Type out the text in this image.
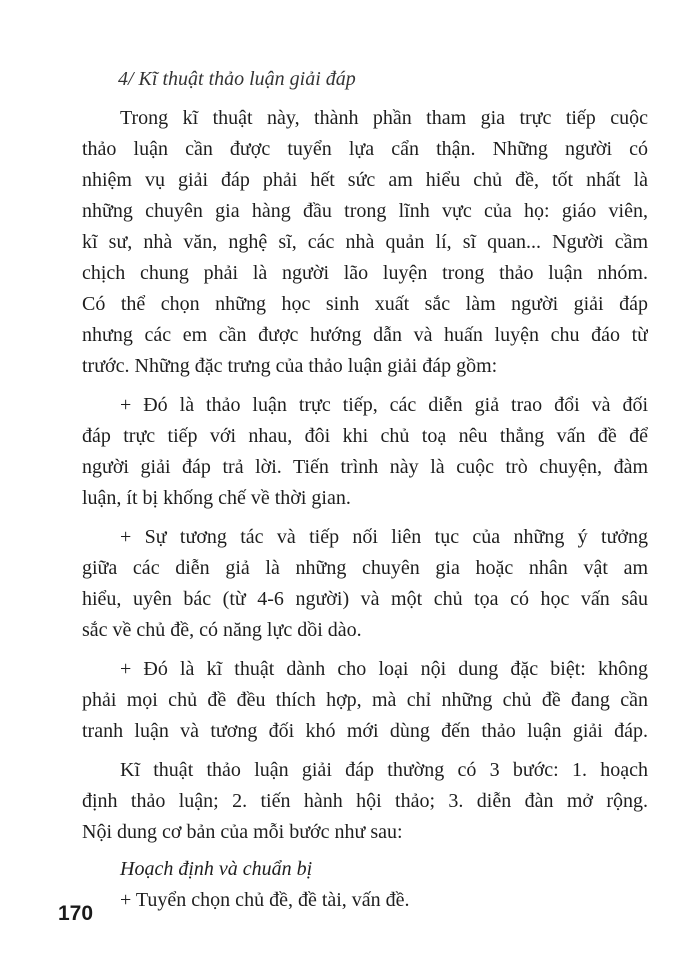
4/ Kĩ thuật thảo luận giải đáp
Trong kĩ thuật này, thành phần tham gia trực tiếp cuộc
thảo luận cần được tuyển lựa cẩn thận. Những người có
nhiệm vụ giải đáp phải hết sức am hiểu chủ đề, tốt nhất là
những chuyên gia hàng đầu trong lĩnh vực của họ: giáo viên,
kĩ sư, nhà văn, nghệ sĩ, các nhà quản lí, sĩ quan... Người cầm
chịch chung phải là người lão luyện trong thảo luận nhóm.
Có thể chọn những học sinh xuất sắc làm người giải đáp
nhưng các em cần được hướng dẫn và huấn luyện chu đáo từ
trước. Những đặc trưng của thảo luận giải đáp gồm:
+ Đó là thảo luận trực tiếp, các diễn giả trao đổi và đối
đáp trực tiếp với nhau, đôi khi chủ toạ nêu thẳng vấn đề để
người giải đáp trả lời. Tiến trình này là cuộc trò chuyện, đàm
luận, ít bị khống chế về thời gian.
+ Sự tương tác và tiếp nối liên tục của những ý tưởng
giữa các diễn giả là những chuyên gia hoặc nhân vật am
hiểu, uyên bác (từ 4-6 người) và một chủ tọa có học vấn sâu
sắc về chủ đề, có năng lực dồi dào.
+ Đó là kĩ thuật dành cho loại nội dung đặc biệt: không
phải mọi chủ đề đều thích hợp, mà chỉ những chủ đề đang cần
tranh luận và tương đối khó mới dùng đến thảo luận giải đáp.
Kĩ thuật thảo luận giải đáp thường có 3 bước: 1. hoạch
định thảo luận; 2. tiến hành hội thảo; 3. diễn đàn mở rộng.
Nội dung cơ bản của mỗi bước như sau:
Hoạch định và chuẩn bị
+ Tuyển chọn chủ đề, đề tài, vấn đề.
170
